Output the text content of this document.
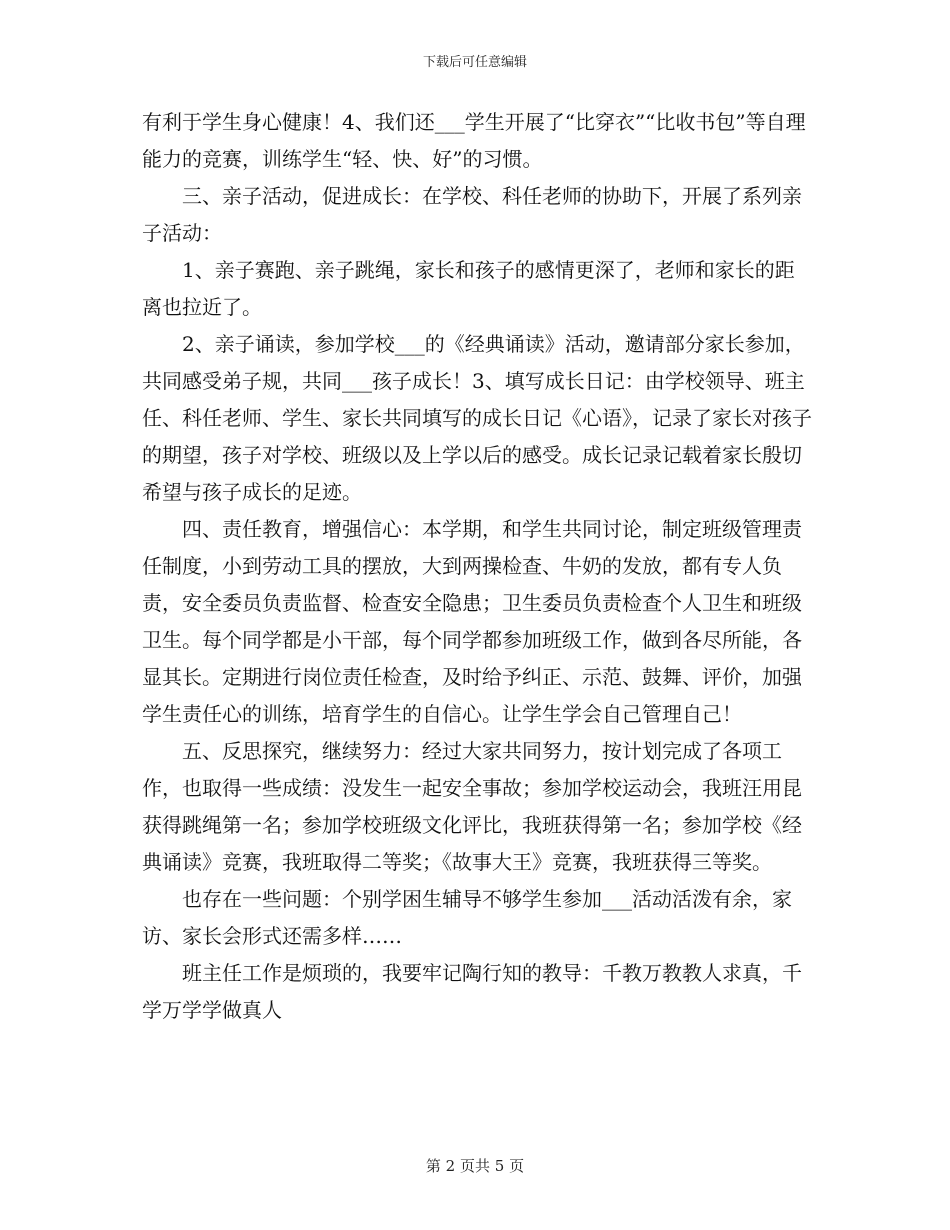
下载后可任意编辑

有利于学生身心健康！4、我们还___学生开展了“比穿衣”“比收书包”等自理能力的竞赛，训练学生“轻、快、好”的习惯。

三、亲子活动，促进成长：在学校、科任老师的协助下，开展了系列亲子活动：

1、亲子赛跑、亲子跳绳，家长和孩子的感情更深了，老师和家长的距离也拉近了。

2、亲子诵读，参加学校___的《经典诵读》活动，邀请部分家长参加，共同感受弟子规，共同___孩子成长！3、填写成长日记：由学校领导、班主任、科任老师、学生、家长共同填写的成长日记《心语》，记录了家长对孩子的期望，孩子对学校、班级以及上学以后的感受。成长记录记载着家长殷切希望与孩子成长的足迹。

四、责任教育，增强信心：本学期，和学生共同讨论，制定班级管理责任制度，小到劳动工具的摆放，大到两操检查、牛奶的发放，都有专人负责，安全委员负责监督、检查安全隐患；卫生委员负责检查个人卫生和班级卫生。每个同学都是小干部，每个同学都参加班级工作，做到各尽所能，各显其长。定期进行岗位责任检查，及时给予纠正、示范、鼓舞、评价，加强学生责任心的训练，培育学生的自信心。让学生学会自己管理自己！

五、反思探究，继续努力：经过大家共同努力，按计划完成了各项工作，也取得一些成绩：没发生一起安全事故；参加学校运动会，我班汪用昆获得跳绳第一名；参加学校班级文化评比，我班获得第一名；参加学校《经典诵读》竞赛，我班取得二等奖；《故事大王》竞赛，我班获得三等奖。

也存在一些问题：个别学困生辅导不够学生参加___活动活泼有余，家访、家长会形式还需多样……

班主任工作是烦琐的，我要牢记陶行知的教导：千教万教教人求真，千学万学学做真人

第 2 页共 5 页
